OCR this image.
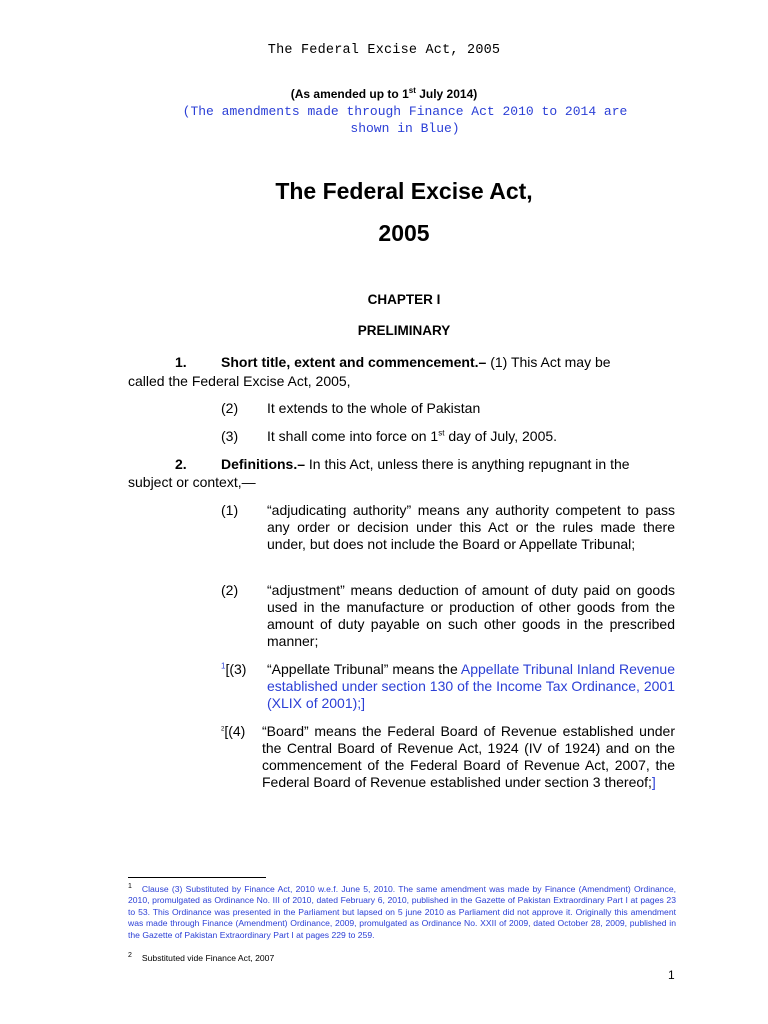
The Federal Excise Act, 2005
(As amended up to 1st July 2014)
(The amendments made through Finance Act 2010 to 2014 are
shown in Blue)
The Federal Excise Act,
2005
CHAPTER I
PRELIMINARY
1. Short title, extent and commencement.– (1) This Act may be
called the Federal Excise Act, 2005,
(2) It extends to the whole of Pakistan
(3) It shall come into force on 1st day of July, 2005.
2. Definitions.– In this Act, unless there is anything repugnant in the
subject or context,—
(1) “adjudicating authority” means any authority competent to pass any order or decision under this Act or the rules made there under, but does not include the Board or Appellate Tribunal;
(2) “adjustment” means deduction of amount of duty paid on goods used in the manufacture or production of other goods from the amount of duty payable on such other goods in the prescribed manner;
$^1$[(3) “Appellate Tribunal” means the Appellate Tribunal Inland Revenue established under section 130 of the Income Tax Ordinance, 2001 (XLIX of 2001);]
$^2$[(4) “Board” means the Federal Board of Revenue established under the Central Board of Revenue Act, 1924 (IV of 1924) and on the commencement of the Federal Board of Revenue Act, 2007, the Federal Board of Revenue established under section 3 thereof;]
$^1$ Clause (3) Substituted by Finance Act, 2010 w.e.f. June 5, 2010. The same amendment was made by Finance (Amendment) Ordinance, 2010, promulgated as Ordinance No. III of 2010, dated February 6, 2010, published in the Gazette of Pakistan Extraordinary Part I at pages 23 to 53. This Ordinance was presented in the Parliament but lapsed on 5 june 2010 as Parliament did not approve it. Originally this amendment was made through Finance (Amendment) Ordinance, 2009, promulgated as Ordinance No. XXII of 2009, dated October 28, 2009, published in the Gazette of Pakistan Extraordinary Part I at pages 229 to 259.
$^2$ Substituted vide Finance Act, 2007
1
